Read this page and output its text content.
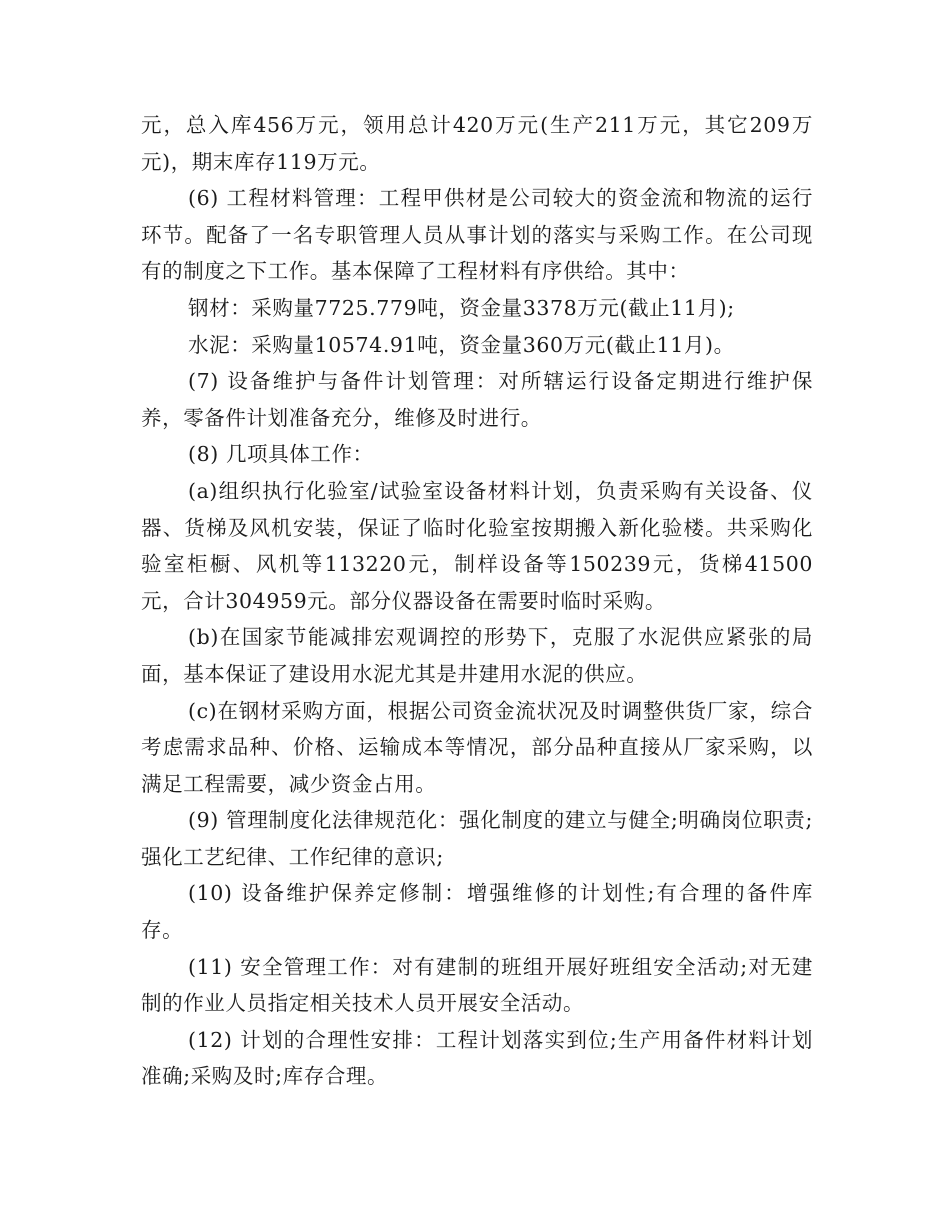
元，总入库456万元，领用总计420万元(生产211万元，其它209万元)，期末库存119万元。

(6) 工程材料管理：工程甲供材是公司较大的资金流和物流的运行环节。配备了一名专职管理人员从事计划的落实与采购工作。在公司现有的制度之下工作。基本保障了工程材料有序供给。其中：

钢材：采购量7725.779吨，资金量3378万元(截止11月);

水泥：采购量10574.91吨，资金量360万元(截止11月)。

(7) 设备维护与备件计划管理：对所辖运行设备定期进行维护保养，零备件计划准备充分，维修及时进行。

(8) 几项具体工作：

(a)组织执行化验室/试验室设备材料计划，负责采购有关设备、仪器、货梯及风机安装，保证了临时化验室按期搬入新化验楼。共采购化验室柜橱、风机等113220元，制样设备等150239元，货梯41500元，合计304959元。部分仪器设备在需要时临时采购。

(b)在国家节能减排宏观调控的形势下，克服了水泥供应紧张的局面，基本保证了建设用水泥尤其是井建用水泥的供应。

(c)在钢材采购方面，根据公司资金流状况及时调整供货厂家，综合考虑需求品种、价格、运输成本等情况，部分品种直接从厂家采购，以满足工程需要，减少资金占用。

(9) 管理制度化法律规范化：强化制度的建立与健全;明确岗位职责;强化工艺纪律、工作纪律的意识;

(10) 设备维护保养定修制：增强维修的计划性;有合理的备件库存。

(11) 安全管理工作：对有建制的班组开展好班组安全活动;对无建制的作业人员指定相关技术人员开展安全活动。

(12) 计划的合理性安排：工程计划落实到位;生产用备件材料计划准确;采购及时;库存合理。
